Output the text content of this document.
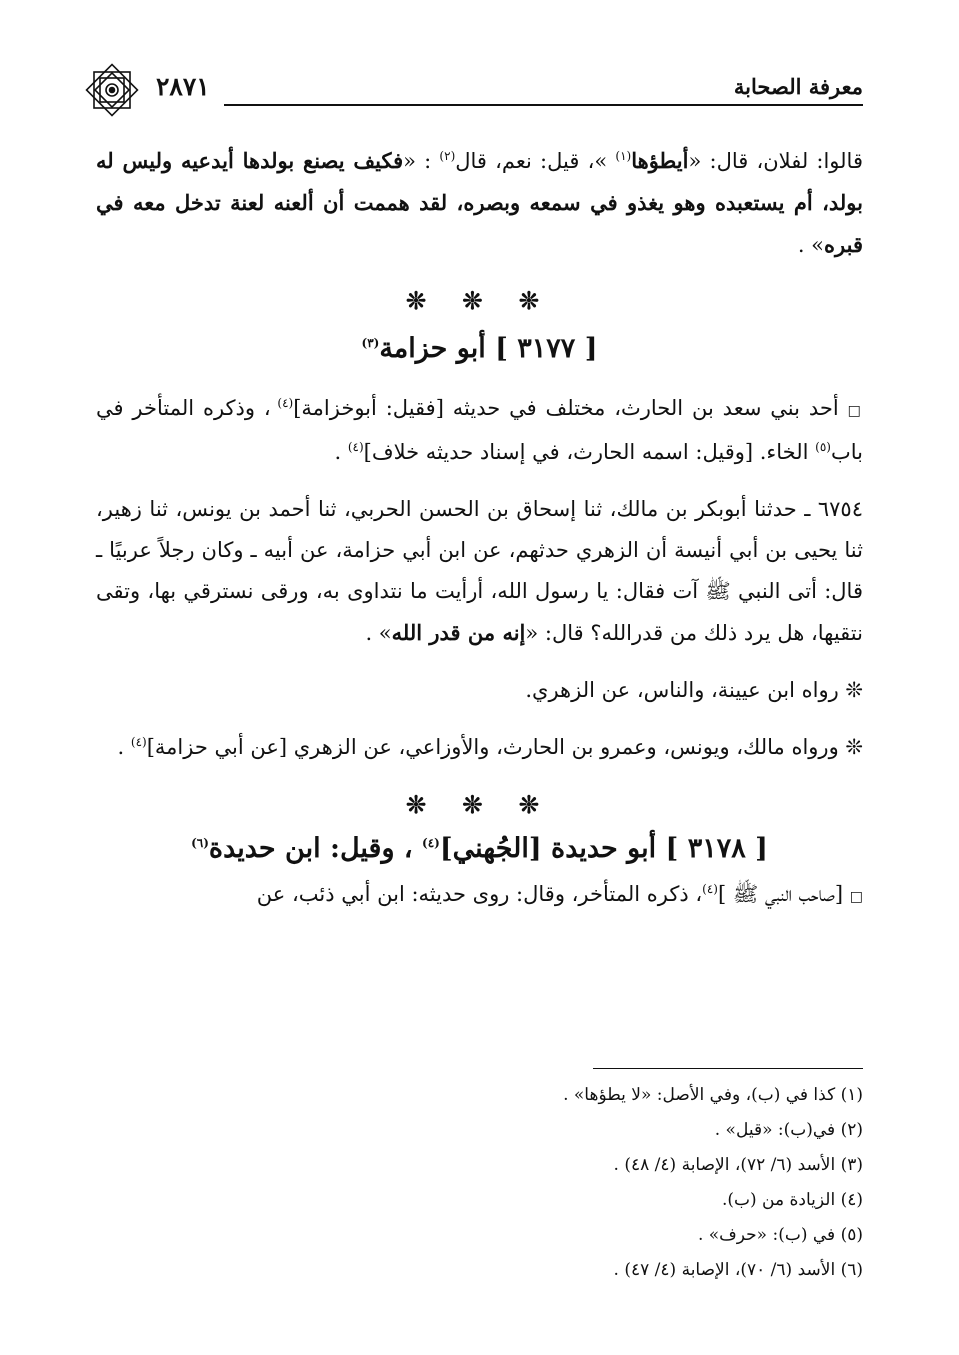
معرفة الصحابة
٢٨٧١

قالوا: لفلان، قال: «أيطؤها$^{(١)}$ »، قيل: نعم، قال$^{(٢)}$ : «فكيف يصنع بولدها أيدعيه وليس له بولد، أم يستعبده وهو يغذو في سمعه وبصره، لقد هممت أن ألعنه لعنة تدخل معه في قبره» .

❊ ❊ ❊
[ ٣١٧٧ ] أبو حزامة$^{(٣)}$

□ أحد بني سعد بن الحارث، مختلف في حديثه [فقيل: أبوخزامة]$^{(٤)}$ ، وذكره المتأخر في باب$^{(٥)}$ الخاء. [وقيل: اسمه الحارث، في إسناد حديثه خلاف]$^{(٤)}$ .

٦٧٥٤ ـ حدثنا أبوبكر بن مالك، ثنا إسحاق بن الحسن الحربي، ثنا أحمد بن يونس، ثنا زهير، ثنا يحيى بن أبي أنيسة أن الزهري حدثهم، عن ابن أبي حزامة، عن أبيه ـ وكان رجلاً عربيًا ـ قال: أتى النبي ﷺ آت فقال: يا رسول الله، أرأيت ما نتداوى به، ورقى نسترقي بها، وتقى نتقيها، هل يرد ذلك من قدرالله؟ قال: «إنه من قدر الله» .

❊ رواه ابن عيينة، والناس، عن الزهري.

❊ ورواه مالك، ويونس، وعمرو بن الحارث، والأوزاعي، عن الزهري [عن أبي حزامة]$^{(٤)}$ .

❊ ❊ ❊
[ ٣١٧٨ ] أبو حديدة [الجُهني]$^{(٤)}$ ، وقيل: ابن حديدة$^{(٦)}$

□ [صاحب النبي ﷺ ]$^{(٤)}$، ذكره المتأخر، وقال: روى حديثه: ابن أبي ذئب، عن

(١) كذا في (ب)، وفي الأصل: «لا يطؤها» .
(٢) في(ب): «قيل» .
(٣) الأسد (٦/ ٧٢)، الإصابة (٤/ ٤٨) .
(٤) الزيادة من (ب).
(٥) في (ب): «حرف» .
(٦) الأسد (٦/ ٧٠)، الإصابة (٤/ ٤٧) .
